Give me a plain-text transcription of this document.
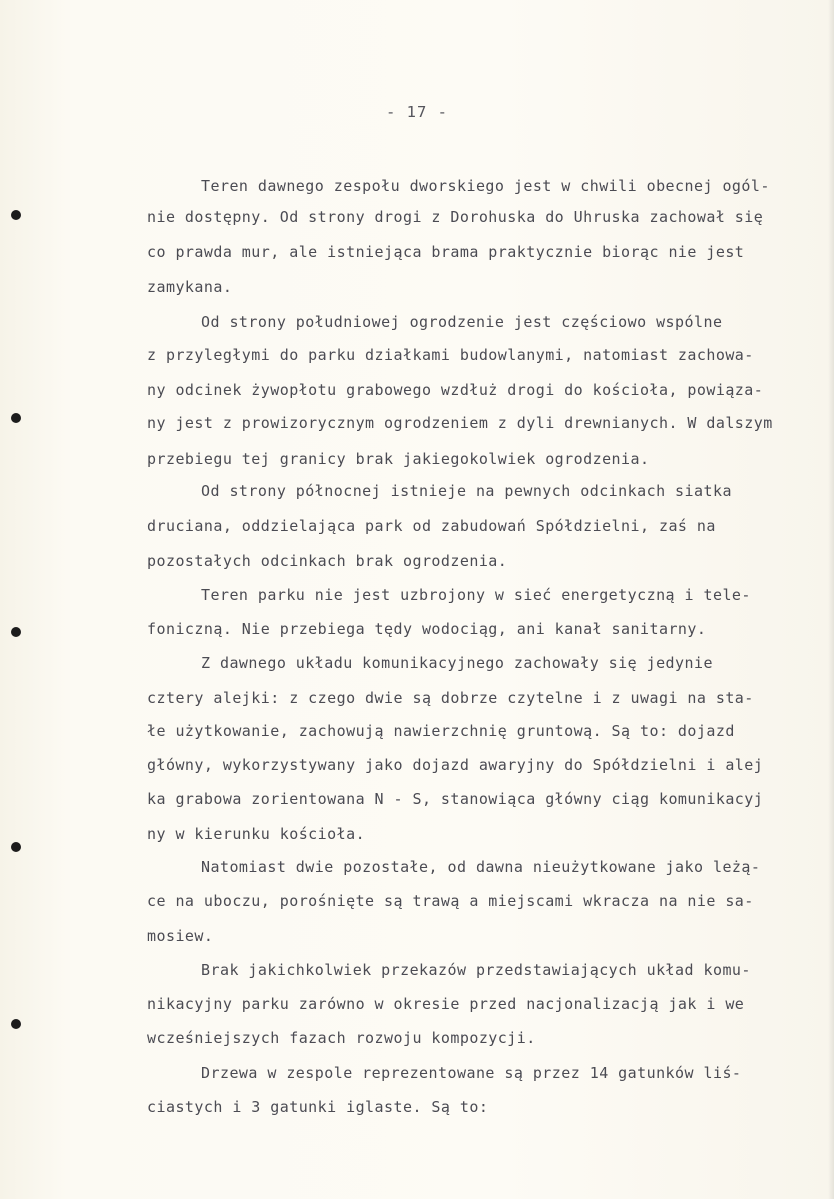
- 17 -
Teren dawnego zespołu dworskiego jest w chwili obecnej ogól-
nie dostępny. Od strony drogi z Dorohuska do Uhruska zachował się
co prawda mur, ale istniejąca brama praktycznie biorąc nie jest
zamykana.
Od strony południowej ogrodzenie jest częściowo wspólne
z przyległymi do parku działkami budowlanymi, natomiast zachowa-
ny odcinek żywopłotu grabowego wzdłuż drogi do kościoła, powiąza-
ny jest z prowizorycznym ogrodzeniem z dyli drewnianych. W dalszym
przebiegu tej granicy brak jakiegokolwiek ogrodzenia.
Od strony północnej istnieje na pewnych odcinkach siatka
druciana, oddzielająca park od zabudowań Spółdzielni, zaś na
pozostałych odcinkach brak ogrodzenia.
Teren parku nie jest uzbrojony w sieć energetyczną i tele-
foniczną. Nie przebiega tędy wodociąg, ani kanał sanitarny.
Z dawnego układu komunikacyjnego zachowały się jedynie
cztery alejki: z czego dwie są dobrze czytelne i z uwagi na sta-
łe użytkowanie, zachowują nawierzchnię gruntową. Są to: dojazd
główny, wykorzystywany jako dojazd awaryjny do Spółdzielni i alej
ka grabowa zorientowana N - S, stanowiąca główny ciąg komunikacyj
ny w kierunku kościoła.
Natomiast dwie pozostałe, od dawna nieużytkowane jako leżą-
ce na uboczu, porośnięte są trawą a miejscami wkracza na nie sa-
mosiew.
Brak jakichkolwiek przekazów przedstawiających układ komu-
nikacyjny parku zarówno w okresie przed nacjonalizacją jak i we
wcześniejszych fazach rozwoju kompozycji.
Drzewa w zespole reprezentowane są przez 14 gatunków liś-
ciastych i 3 gatunki iglaste. Są to:
